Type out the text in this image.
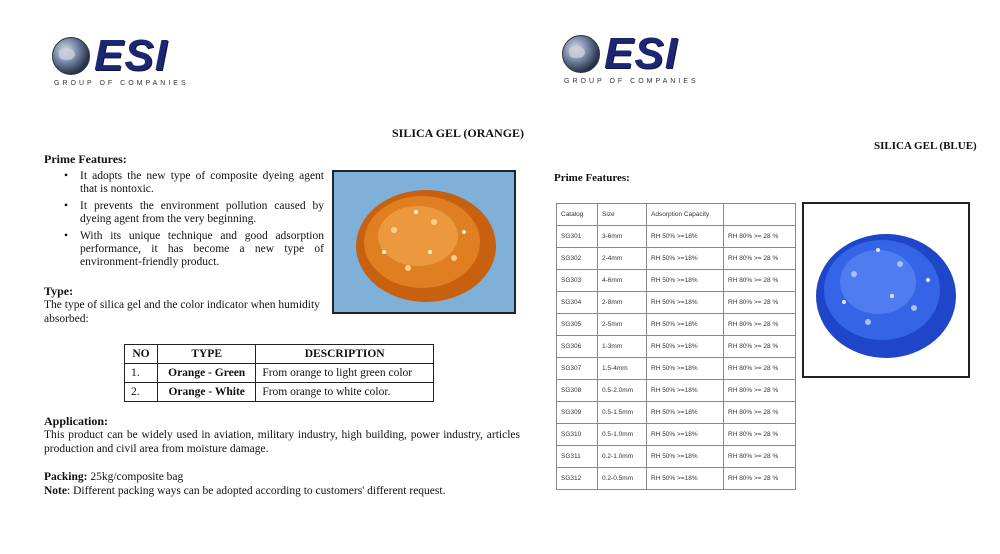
ESI
GROUP OF COMPANIES
SILICA GEL (ORANGE)
Prime Features:
• It adopts the new type of composite dyeing agent that is nontoxic.
• It prevents the environment pollution caused by dyeing agent from the very beginning.
• With its unique technique and good adsorption performance, it has become a new type of environment-friendly product.
Type:
The type of silica gel and the color indicator when humidity absorbed:
NO	TYPE	DESCRIPTION
1.	Orange - Green	From orange to light green color
2.	Orange - White	From orange to white color.
Application:
This product can be widely used in aviation, military industry, high building, power industry, articles production and civil area from moisture damage.
Packing: 25kg/composite bag
Note: Different packing ways can be adopted according to customers' different request.
ESI
GROUP OF COMPANIES
SILICA GEL (BLUE)
Prime Features:
Catalog	Size	Adsorption Capacity	
SG301	3-6mm	RH 50% >=18%	RH 80% >= 28 %
SG302	2-4mm	RH 50% >=18%	RH 80% >= 28 %
SG303	4-6mm	RH 50% >=18%	RH 80% >= 28 %
SG304	2-8mm	RH 50% >=18%	RH 80% >= 28 %
SG305	2-5mm	RH 50% >=18%	RH 80% >= 28 %
SG306	1-3mm	RH 50% >=18%	RH 80% >= 28 %
SG307	1.5-4mm	RH 50% >=18%	RH 80% >= 28 %
SG308	0.5-2.0mm	RH 50% >=18%	RH 80% >= 28 %
SG309	0.5-1.5mm	RH 50% >=18%	RH 80% >= 28 %
SG310	0.5-1.0mm	RH 50% >=18%	RH 80% >= 28 %
SG311	0.2-1.0mm	RH 50% >=18%	RH 80% >= 28 %
SG312	0.2-0.5mm	RH 50% >=18%	RH 80% >= 28 %
